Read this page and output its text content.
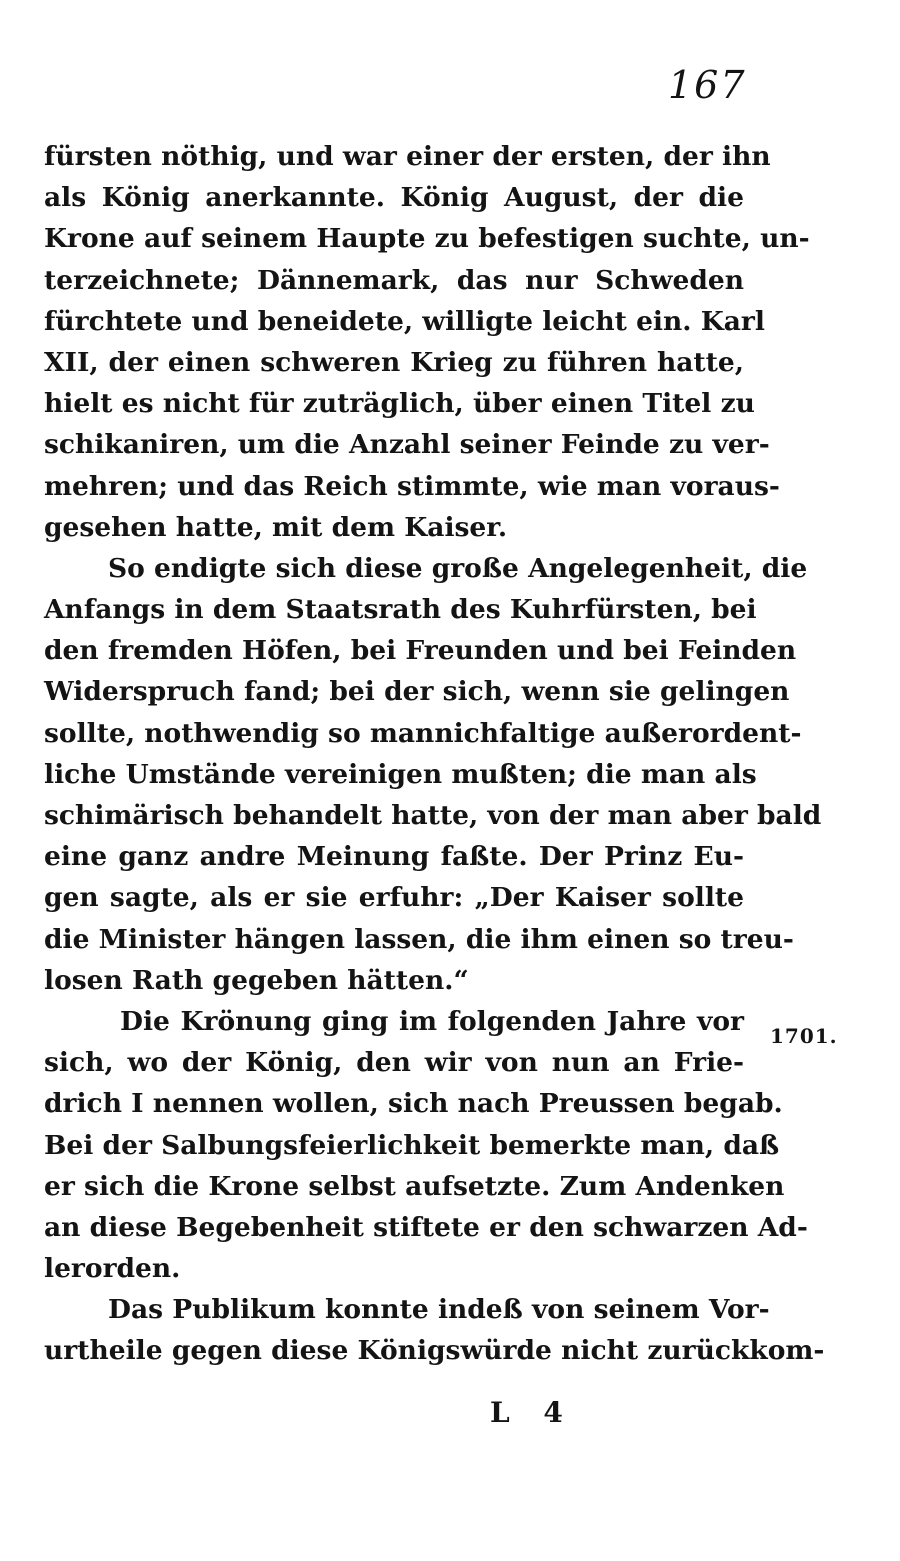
167
fürsten nöthig, und war einer der ersten, der ihn
als König anerkannte. König August, der die
Krone auf seinem Haupte zu befestigen suchte, un-
terzeichnete; Dännemark, das nur Schweden
fürchtete und beneidete, willigte leicht ein. Karl
XII, der einen schweren Krieg zu führen hatte,
hielt es nicht für zuträglich, über einen Titel zu
schikaniren, um die Anzahl seiner Feinde zu ver-
mehren; und das Reich stimmte, wie man voraus-
gesehen hatte, mit dem Kaiser.
So endigte sich diese große Angelegenheit, die
Anfangs in dem Staatsrath des Kuhrfürsten, bei
den fremden Höfen, bei Freunden und bei Feinden
Widerspruch fand; bei der sich, wenn sie gelingen
sollte, nothwendig so mannichfaltige außerordent-
liche Umstände vereinigen mußten; die man als
schimärisch behandelt hatte, von der man aber bald
eine ganz andre Meinung faßte. Der Prinz Eu-
gen sagte, als er sie erfuhr: „Der Kaiser sollte
die Minister hängen lassen, die ihm einen so treu-
losen Rath gegeben hätten.“
Die Krönung ging im folgenden Jahre vor
sich, wo der König, den wir von nun an Frie-
drich I nennen wollen, sich nach Preussen begab.
Bei der Salbungsfeierlichkeit bemerkte man, daß
er sich die Krone selbst aufsetzte. Zum Andenken
an diese Begebenheit stiftete er den schwarzen Ad-
lerorden.
Das Publikum konnte indeß von seinem Vor-
urtheile gegen diese Königswürde nicht zurückkom-
1701.
L 4
